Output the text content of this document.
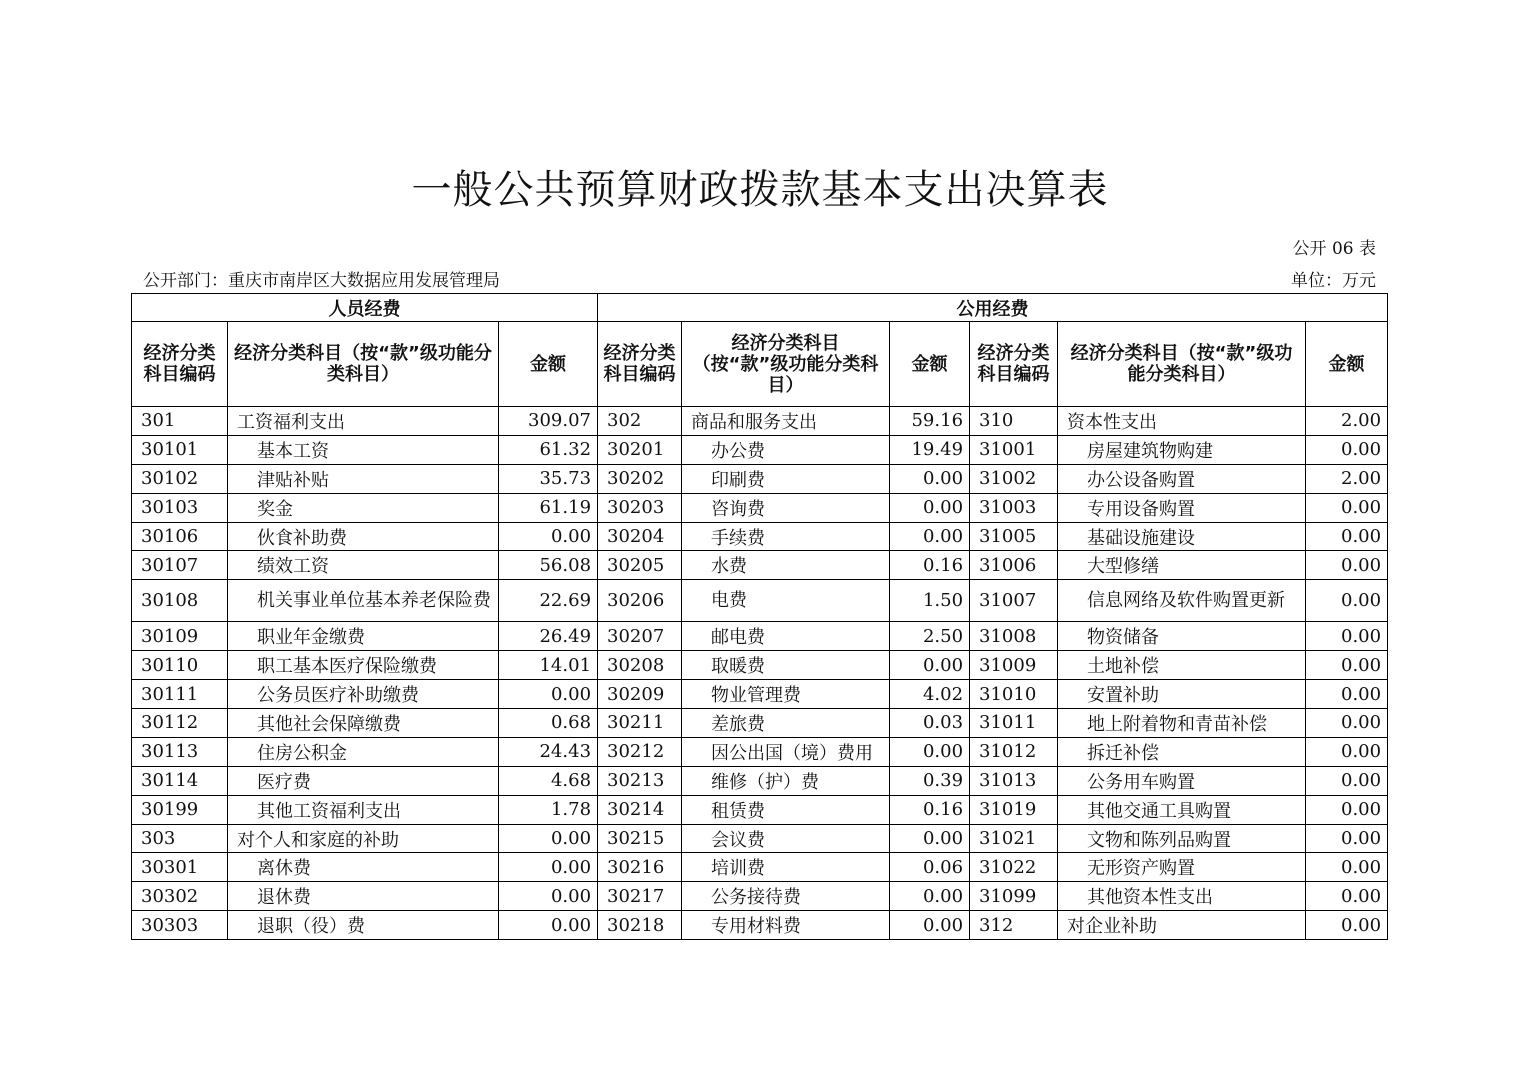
一般公共预算财政拨款基本支出决算表
公开 06 表
公开部门：重庆市南岸区大数据应用发展管理局	单位：万元
人员经费			公用经费					
经济分类科目编码	经济分类科目（按“款”级功能分类科目）	金额	经济分类科目编码	经济分类科目（按“款”级功能分类科目）	金额	经济分类科目编码	经济分类科目（按“款”级功能分类科目）	金额
301	工资福利支出	309.07	302	商品和服务支出	59.16	310	资本性支出	2.00
30101	基本工资	61.32	30201	办公费	19.49	31001	房屋建筑物购建	0.00
30102	津贴补贴	35.73	30202	印刷费	0.00	31002	办公设备购置	2.00
30103	奖金	61.19	30203	咨询费	0.00	31003	专用设备购置	0.00
30106	伙食补助费	0.00	30204	手续费	0.00	31005	基础设施建设	0.00
30107	绩效工资	56.08	30205	水费	0.16	31006	大型修缮	0.00
30108	机关事业单位基本养老保险费	22.69	30206	电费	1.50	31007	信息网络及软件购置更新	0.00
30109	职业年金缴费	26.49	30207	邮电费	2.50	31008	物资储备	0.00
30110	职工基本医疗保险缴费	14.01	30208	取暖费	0.00	31009	土地补偿	0.00
30111	公务员医疗补助缴费	0.00	30209	物业管理费	4.02	31010	安置补助	0.00
30112	其他社会保障缴费	0.68	30211	差旅费	0.03	31011	地上附着物和青苗补偿	0.00
30113	住房公积金	24.43	30212	因公出国（境）费用	0.00	31012	拆迁补偿	0.00
30114	医疗费	4.68	30213	维修（护）费	0.39	31013	公务用车购置	0.00
30199	其他工资福利支出	1.78	30214	租赁费	0.16	31019	其他交通工具购置	0.00
303	对个人和家庭的补助	0.00	30215	会议费	0.00	31021	文物和陈列品购置	0.00
30301	离休费	0.00	30216	培训费	0.06	31022	无形资产购置	0.00
30302	退休费	0.00	30217	公务接待费	0.00	31099	其他资本性支出	0.00
30303	退职（役）费	0.00	30218	专用材料费	0.00	312	对企业补助	0.00
